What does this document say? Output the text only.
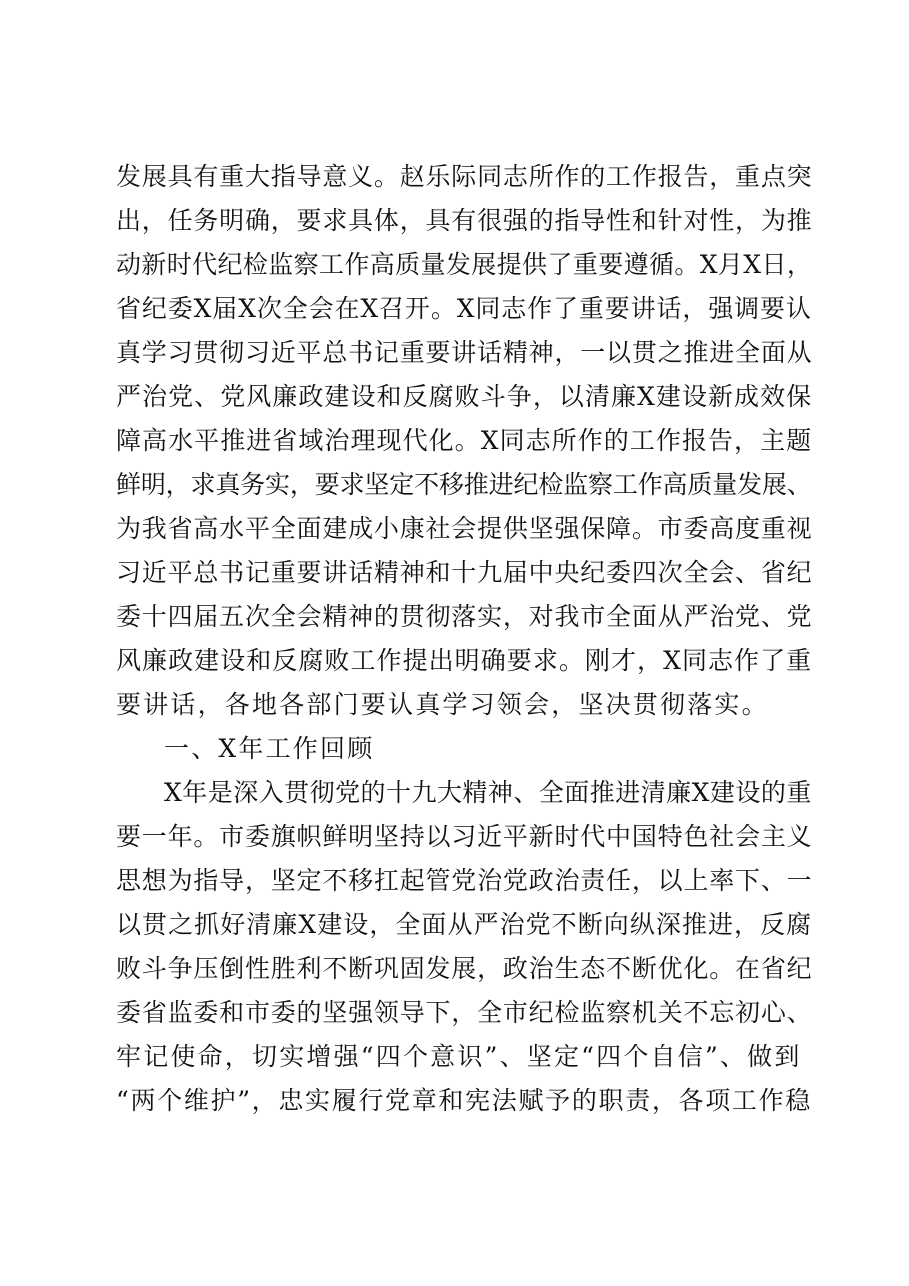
发展具有重大指导意义。赵乐际同志所作的工作报告，重点突
出，任务明确，要求具体，具有很强的指导性和针对性，为推
动新时代纪检监察工作高质量发展提供了重要遵循。X月X日，
省纪委X届X次全会在X召开。X同志作了重要讲话，强调要认
真学习贯彻习近平总书记重要讲话精神，一以贯之推进全面从
严治党、党风廉政建设和反腐败斗争，以清廉X建设新成效保
障高水平推进省域治理现代化。X同志所作的工作报告，主题
鲜明，求真务实，要求坚定不移推进纪检监察工作高质量发展、
为我省高水平全面建成小康社会提供坚强保障。市委高度重视
习近平总书记重要讲话精神和十九届中央纪委四次全会、省纪
委十四届五次全会精神的贯彻落实，对我市全面从严治党、党
风廉政建设和反腐败工作提出明确要求。刚才，X同志作了重
要讲话，各地各部门要认真学习领会，坚决贯彻落实。
一、X年工作回顾
X年是深入贯彻党的十九大精神、全面推进清廉X建设的重
要一年。市委旗帜鲜明坚持以习近平新时代中国特色社会主义
思想为指导，坚定不移扛起管党治党政治责任，以上率下、一
以贯之抓好清廉X建设，全面从严治党不断向纵深推进，反腐
败斗争压倒性胜利不断巩固发展，政治生态不断优化。在省纪
委省监委和市委的坚强领导下，全市纪检监察机关不忘初心、
牢记使命，切实增强“四个意识”、坚定“四个自信”、做到
“两个维护”，忠实履行党章和宪法赋予的职责，各项工作稳
